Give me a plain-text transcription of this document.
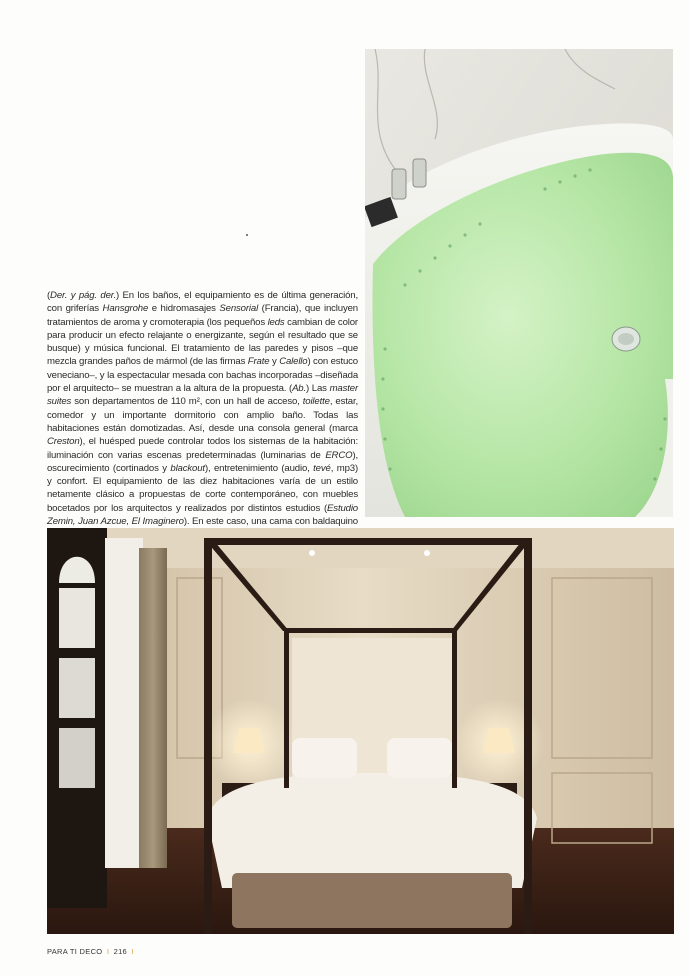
(Der. y pág. der.) En los baños, el equipamiento es de última generación, con griferías Hansgrohe e hidromasajes Sensorial (Francia), que incluyen tratamientos de aroma y cromoterapia (los pequeños leds cambian de color para producir un efecto relajante o energizante, según el resultado que se busque) y música funcional. El tratamiento de las paredes y pisos –que mezcla grandes paños de mármol (de las firmas Frate y Calello) con estuco veneciano–, y la espectacular mesada con bachas incorporadas –diseñada por el arquitecto– se muestran a la altura de la propuesta. (Ab.) Las master suites son departamentos de 110 m², con un hall de acceso, toilette, estar, comedor y un importante dormitorio con amplio baño. Todas las habitaciones están domotizadas. Así, desde una consola general (marca Creston), el huésped puede controlar todos los sistemas de la habitación: iluminación con varias escenas predeterminadas (luminarias de ERCO), oscurecimiento (cortinados y blackout), entretenimiento (audio, tevé, mp3) y confort. El equipamiento de las diez habitaciones varía de un estilo netamente clásico a propuestas de corte contemporáneo, con muebles bocetados por los arquitectos y realizados por distintos estudios (Estudio Zemin, Juan Azcue, El Imaginero). En este caso, una cama con baldaquino

PARA TI DECO I 216 I
